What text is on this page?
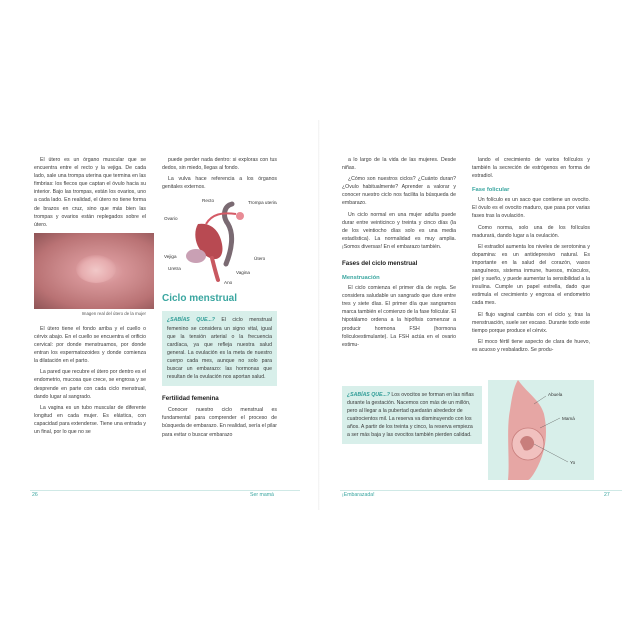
El útero es un órgano muscular que se encuentra entre el recto y la vejiga. De cada lado, sale una trompa uterina que termina en las fimbrias: los flecos que captan el óvulo hacia su interior. Bajo las trompas, están los ovarios, uno a cada lado. En realidad, el útero no tiene forma de brazos en cruz, sino que más bien las trompas y ovarios están replegados sobre el útero.

Imagen real del útero de la mujer

El útero tiene el fondo arriba y el cuello o cérvix abajo. En el cuello se encuentra el orificio cervical: por donde menstruamos, por donde entran los espermatozoides y donde comienza la dilatación en el parto.

La pared que recubre el útero por dentro es el endometrio, mucosa que crece, se engrosa y se desprende en parte con cada ciclo menstrual, dando lugar al sangrado.

La vagina es un tubo muscular de diferente longitud en cada mujer. Es elástica, con capacidad para extenderse. Tiene una entrada y un final, por lo que no se

puede perder nada dentro: si exploras con tus dedos, sin miedo, llegas al fondo.

La vulva hace referencia a los órganos genitales externos.

Recto	Trompa uterina
Ovario
Útero
Vejiga
Uretra
Ano
Vagina
Ciclo menstrual

¿SABÍAS QUE...? El ciclo menstrual femenino se considera un signo vital, igual que la tensión arterial o la frecuencia cardíaca, ya que refleja nuestra salud general. La ovulación es la meta de nuestro cuerpo cada mes, aunque no solo para buscar un embarazo: las hormonas que resultan de la ovulación nos aportan salud.

Fertilidad femenina

Conocer nuestro ciclo menstrual es fundamental para comprender el proceso de búsqueda de embarazo. En realidad, sería el pilar para evitar o buscar embarazo

26	Ser mamá

a lo largo de la vida de las mujeres. Desde niñas.

¿Cómo son nuestros ciclos? ¿Cuánto duran? ¿Ovulo habitualmente? Aprender a valorar y conocer nuestro ciclo nos facilita la búsqueda de embarazo.

Un ciclo normal en una mujer adulta puede durar entre veinticinco y treinta y cinco días (la de los veintiocho días solo es una media estadística). La normalidad es muy amplia. ¡Somos diversas! En el embarazo también.

Fases del ciclo menstrual
Menstruación

El ciclo comienza el primer día de regla. Se considera saludable un sangrado que dure entre tres y siete días. El primer día que sangramos marca también el comienzo de la fase folicular. El hipotálamo ordena a la hipófisis comenzar a producir hormona FSH (hormona foliculoestimulante). La FSH actúa en el ovario estimu-

lando el crecimiento de varios folículos y también la secreción de estrógenos en forma de estradiol.

Fase folicular

Un folículo es un saco que contiene un ovocito. El óvulo es el ovocito maduro, que pasa por varias fases tras la ovulación.

Como norma, solo una de los folículos madurará, dando lugar a la ovulación.

El estradiol aumenta los niveles de serotonina y dopamina: es un antidepresivo natural. Es importante en la salud del corazón, vasos sanguíneos, sistema inmune, huesos, músculos, piel y sueño, y puede aumentar la sensibilidad a la insulina. Cumple un papel estrella, dado que estimula el crecimiento y engrosa el endometrio cada mes.

El flujo vaginal cambia con el ciclo y, tras la menstruación, suele ser escaso. Durante todo este tiempo porque produce el cérvix.

El moco fértil tiene aspecto de clara de huevo, es acuoso y resbaladizo. Se produ-

¿SABÍAS QUE...? Los ovocitos se forman en las niñas durante la gestación. Nacemos con más de un millón, pero al llegar a la pubertad quedarán alrededor de cuatrocientos mil. La reserva va disminuyendo con los años. A partir de los treinta y cinco, la reserva empieza a ser más baja y las ovocitos también pierden calidad.

Abuela
Mamá
Yo
¡Embarazada!	27
